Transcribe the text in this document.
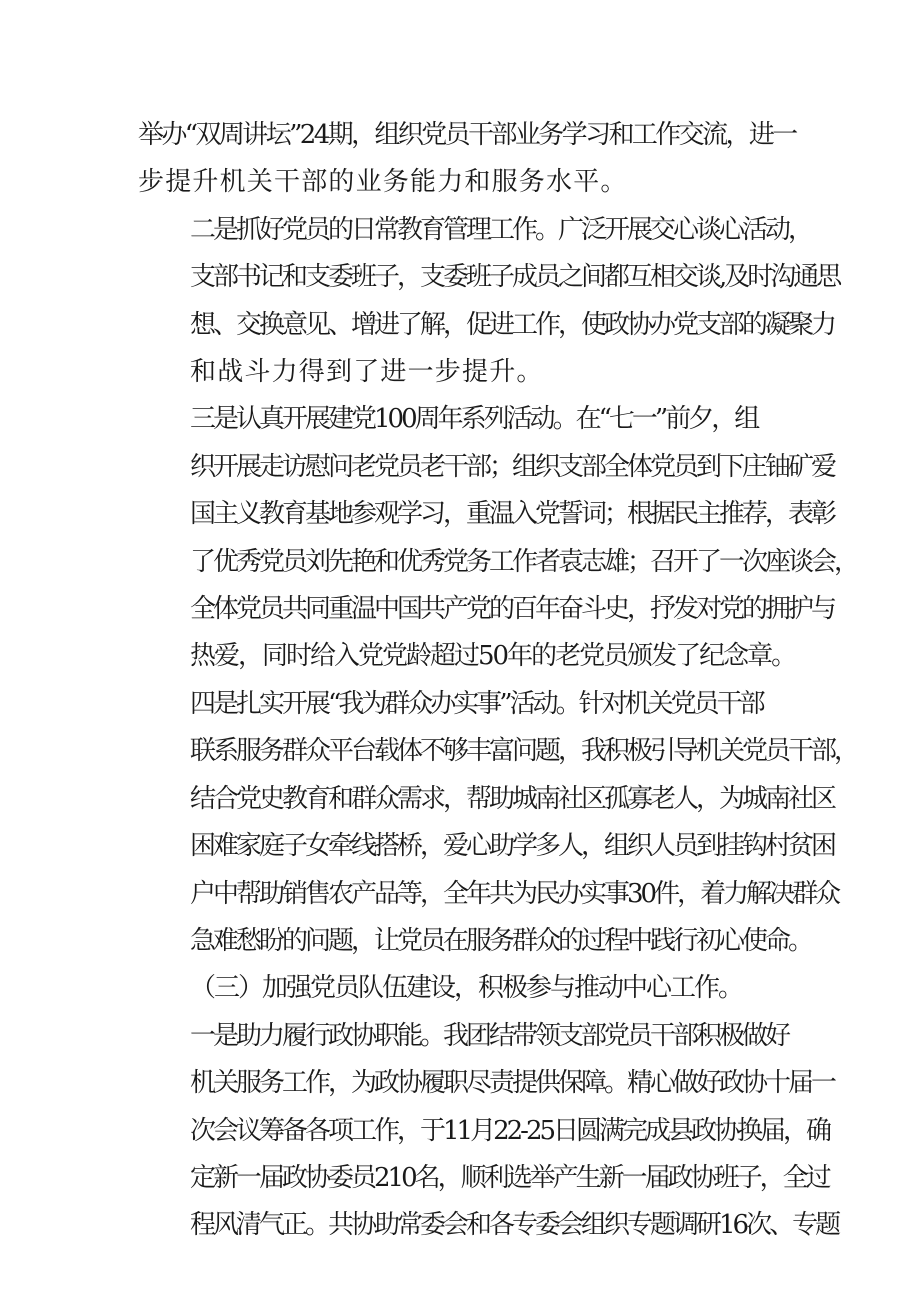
举办“双周讲坛”24期，组织党员干部业务学习和工作交流，进一
步提升机关干部的业务能力和服务水平。

二是抓好党员的日常教育管理工作。广泛开展交心谈心活动，
支部书记和支委班子，支委班子成员之间都互相交谈,及时沟通思
想、交换意见、增进了解，促进工作，使政协办党支部的凝聚力
和战斗力得到了进一步提升。

三是认真开展建党100周年系列活动。在“七一”前夕，组
织开展走访慰问老党员老干部；组织支部全体党员到下庄铀矿爱
国主义教育基地参观学习，重温入党誓词；根据民主推荐，表彰
了优秀党员刘先艳和优秀党务工作者袁志雄；召开了一次座谈会，
全体党员共同重温中国共产党的百年奋斗史，抒发对党的拥护与
热爱，同时给入党党龄超过50年的老党员颁发了纪念章。

四是扎实开展“我为群众办实事”活动。针对机关党员干部
联系服务群众平台载体不够丰富问题，我积极引导机关党员干部，
结合党史教育和群众需求，帮助城南社区孤寡老人，为城南社区
困难家庭子女牵线搭桥，爱心助学多人，组织人员到挂钩村贫困
户中帮助销售农产品等，全年共为民办实事30件，着力解决群众
急难愁盼的问题，让党员在服务群众的过程中践行初心使命。

（三）加强党员队伍建设，积极参与推动中心工作。

一是助力履行政协职能。我团结带领支部党员干部积极做好
机关服务工作，为政协履职尽责提供保障。精心做好政协十届一
次会议筹备各项工作，于11月22-25日圆满完成县政协换届，确
定新一届政协委员210名，顺利选举产生新一届政协班子，全过
程风清气正。共协助常委会和各专委会组织专题调研16次、专题
